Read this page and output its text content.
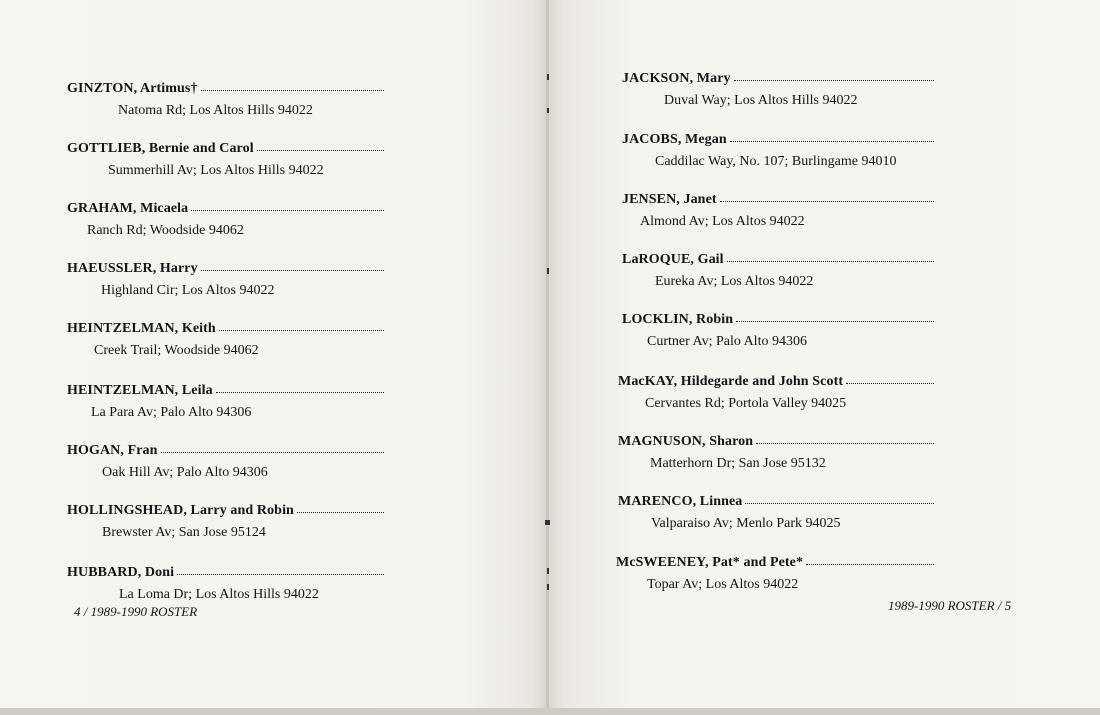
GINZTON, Artimus†
Natoma Rd; Los Altos Hills 94022
GOTTLIEB, Bernie and Carol
Summerhill Av; Los Altos Hills 94022
GRAHAM, Micaela
Ranch Rd; Woodside 94062
HAEUSSLER, Harry
Highland Cir; Los Altos 94022
HEINTZELMAN, Keith
Creek Trail; Woodside 94062
HEINTZELMAN, Leila
La Para Av; Palo Alto 94306
HOGAN, Fran
Oak Hill Av; Palo Alto 94306
HOLLINGSHEAD, Larry and Robin
Brewster Av; San Jose 95124
HUBBARD, Doni
La Loma Dr; Los Altos Hills 94022
4 / 1989-1990 ROSTER
JACKSON, Mary
Duval Way; Los Altos Hills 94022
JACOBS, Megan
Caddilac Way, No. 107; Burlingame 94010
JENSEN, Janet
Almond Av; Los Altos 94022
LaROQUE, Gail
Eureka Av; Los Altos 94022
LOCKLIN, Robin
Curtner Av; Palo Alto 94306
MacKAY, Hildegarde and John Scott
Cervantes Rd; Portola Valley 94025
MAGNUSON, Sharon
Matterhorn Dr; San Jose 95132
MARENCO, Linnea
Valparaiso Av; Menlo Park 94025
McSWEENEY, Pat* and Pete*
Topar Av; Los Altos 94022
1989-1990 ROSTER / 5
